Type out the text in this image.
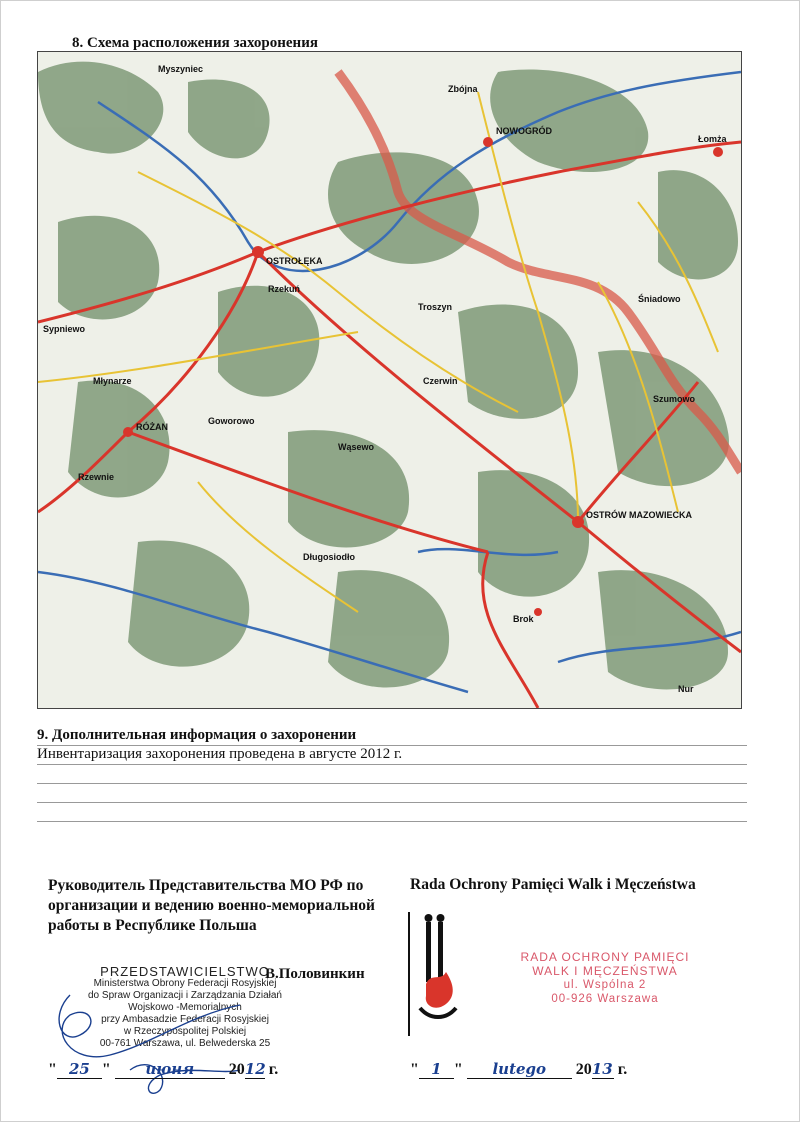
8. Схема расположения захоронения
OSTROŁĘKA
NOWOGRÓD
RÓŻAN
OSTRÓW MAZOWIECKA
Troszyn
Czerwin
Goworowo
Długosiodło
Brok
Wąsewo
Rzewnie
Młynarze
Łomża
Śniadowo
Zbójna
Myszyniec
Rzekuń
Sypniewo
Szumowo
Nur
9. Дополнительная информация о захоронении
Инвентаризация захоронения проведена в августе 2012 г.
Руководитель Представительства МО РФ по организации и ведению военно-мемориальной работы в Республике Польша
PRZEDSTAWICIELSTWO
Ministerstwa Obrony Federacji Rosyjskiej
do Spraw Organizacji i Zarządzania Działań
Wojskowo -Memorialnych
przy Ambasadzie Federacji Rosyjskiej
w Rzeczypospolitej Polskiej
00-761 Warszawa, ul. Belwederska 25
В.Половинкин
" 25 " июня 2012 г.
Rada Ochrony Pamięci Walk i Męczeństwa
RADA OCHRONY PAMIĘCI
WALK I MĘCZEŃSTWA
ul. Wspólna 2
00-926 Warszawa
" 1 " lutego 2013 г.
